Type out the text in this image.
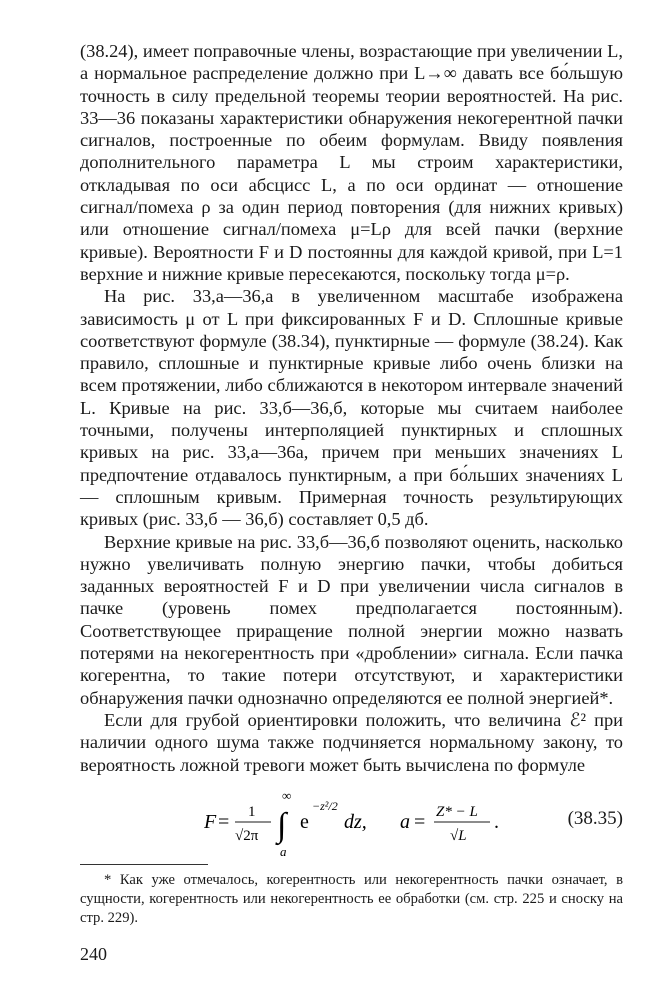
(38.24), имеет поправочные члены, возрастающие при увеличении L, а нормальное распределение должно при L→∞ давать все бо́льшую точность в силу предельной теоремы теории вероятностей. На рис. 33—36 показаны характеристики обнаружения некогерентной пачки сигналов, построенные по обеим формулам. Ввиду появления дополнительного параметра L мы строим характеристики, откладывая по оси абсцисс L, а по оси ординат — отношение сигнал/помеха ρ за один период повторения (для нижних кривых) или отношение сигнал/помеха μ=Lρ для всей пачки (верхние кривые). Вероятности F и D постоянны для каждой кривой, при L=1 верхние и нижние кривые пересекаются, поскольку тогда μ=ρ.

На рис. 33,а—36,а в увеличенном масштабе изображена зависимость μ от L при фиксированных F и D. Сплошные кривые соответствуют формуле (38.34), пунктирные — формуле (38.24). Как правило, сплошные и пунктирные кривые либо очень близки на всем протяжении, либо сближаются в некотором интервале значений L. Кривые на рис. 33,б—36,б, которые мы считаем наиболее точными, получены интерполяцией пунктирных и сплошных кривых на рис. 33,а—36а, причем при меньших значениях L предпочтение отдавалось пунктирным, а при бо́льших значениях L — сплошным кривым. Примерная точность результирующих кривых (рис. 33,б — 36,б) составляет 0,5 дб.

Верхние кривые на рис. 33,б—36,б позволяют оценить, насколько нужно увеличивать полную энергию пачки, чтобы добиться заданных вероятностей F и D при увеличении числа сигналов в пачке (уровень помех предполагается постоянным). Соответствующее приращение полной энергии можно назвать потерями на некогерентность при «дроблении» сигнала. Если пачка когерентна, то такие потери отсутствуют, и характеристики обнаружения пачки однозначно определяются ее полной энергией*.

Если для грубой ориентировки положить, что величина ℰ² при наличии одного шума также подчиняется нормальному закону, то вероятность ложной тревоги может быть вычислена по формуле

F = 1
√2π ∫
∞
a
e
−z²/2
dz, a = Z* − L
√L
.	(38.35)

* Как уже отмечалось, когерентность или некогерентность пачки означает, в сущности, когерентность или некогерентность ее обработки (см. стр. 225 и сноску на стр. 229).

240
